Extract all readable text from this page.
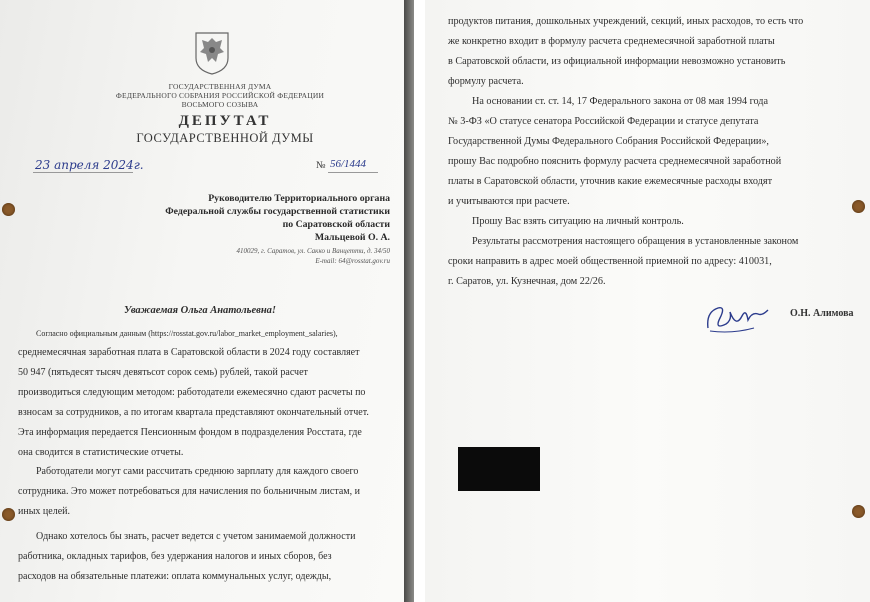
ГОСУДАРСТВЕННАЯ ДУМА
ФЕДЕРАЛЬНОГО СОБРАНИЯ РОССИЙСКОЙ ФЕДЕРАЦИИ
ВОСЬМОГО СОЗЫВА
ДЕПУТАТ
ГОСУДАРСТВЕННОЙ ДУМЫ
23 апреля 2024г.	№ 56/1444
Руководителю Территориального органа
Федеральной службы государственной статистики
по Саратовской области
Мальцевой О. А.
410029, г. Саратов, ул. Сакко и Ванцетти, д. 34/50
E-mail: 64@rosstat.gov.ru
Уважаемая Ольга Анатольевна!
Согласно официальным данным (https://rosstat.gov.ru/labor_market_employment_salaries),
среднемесячная заработная плата в Саратовской области в 2024 году составляет
50 947 (пятьдесят тысяч девятьсот сорок семь) рублей, такой расчет
производиться следующим методом: работодатели ежемесячно сдают расчеты по
взносам за сотрудников, а по итогам квартала представляют окончательный отчет.
Эта информация передается Пенсионным фондом в подразделения Росстата, где
она сводится в статистические отчеты.
Работодатели могут сами рассчитать среднюю зарплату для каждого своего
сотрудника. Это может потребоваться для начисления по больничным листам, и
иных целей.
Однако хотелось бы знать, расчет ведется с учетом занимаемой должности
работника, окладных тарифов, без удержания налогов и иных сборов, без
расходов на обязательные платежи: оплата коммунальных услуг, одежды,
продуктов питания, дошкольных учреждений, секций, иных расходов, то есть что
же конкретно входит в формулу расчета среднемесячной заработной платы
в Саратовской области, из официальной информации невозможно установить
формулу расчета.
На основании ст. ст. 14, 17 Федерального закона от 08 мая 1994 года
№ 3-ФЗ «О статусе сенатора Российской Федерации и статусе депутата
Государственной Думы Федерального Собрания Российской Федерации»,
прошу Вас подробно пояснить формулу расчета среднемесячной заработной
платы в Саратовской области, уточнив какие ежемесячные расходы входят
и учитываются при расчете.
Прошу Вас взять ситуацию на личный контроль.
Результаты рассмотрения настоящего обращения в установленные законом
сроки направить в адрес моей общественной приемной по адресу: 410031,
г. Саратов, ул. Кузнечная, дом 22/26.
О.Н. Алимова
